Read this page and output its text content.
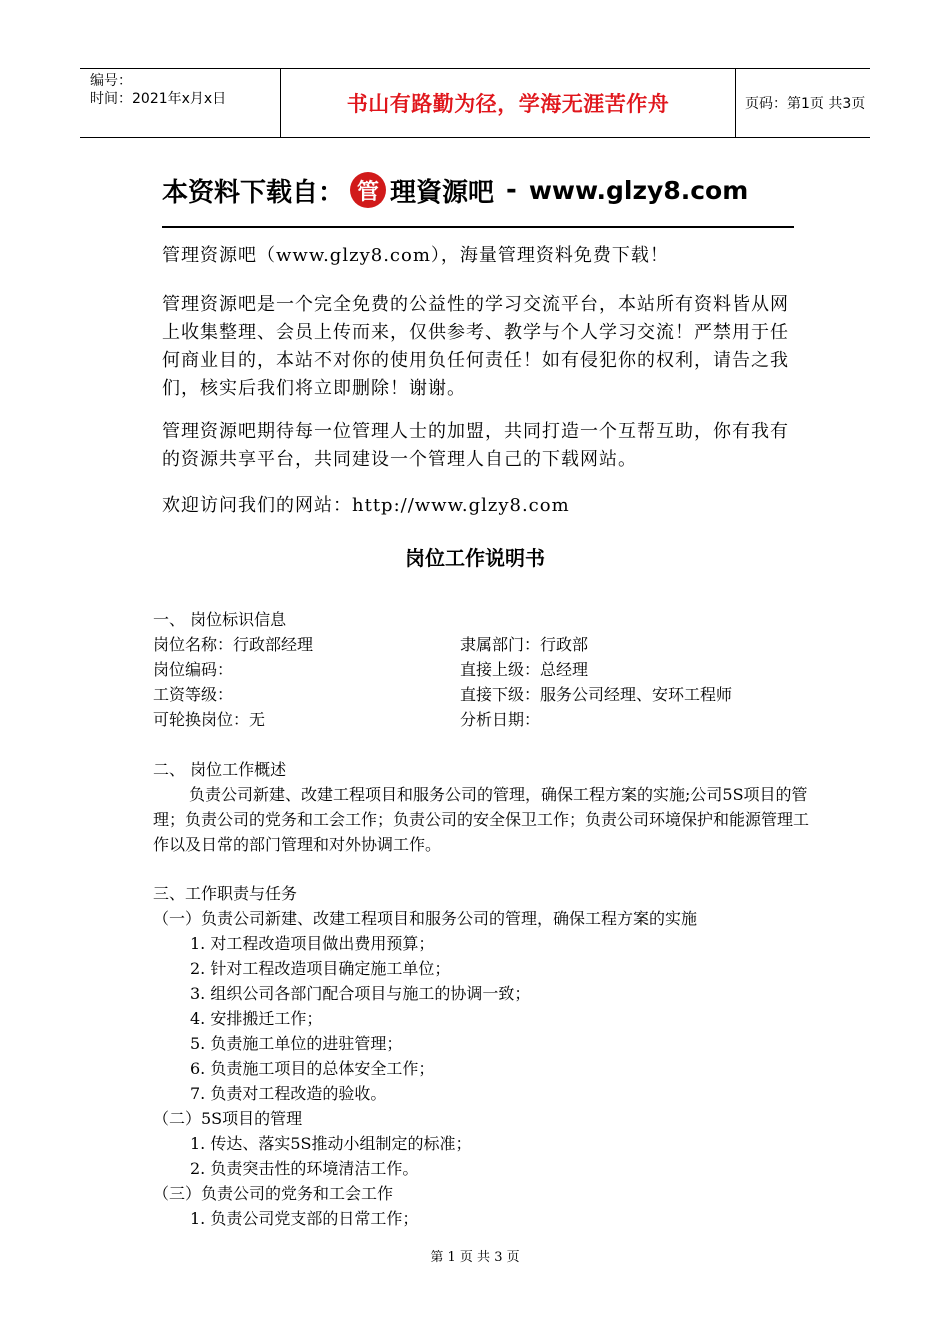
编号：
时间：2021年x月x日	书山有路勤为径，学海无涯苦作舟	页码：第1页 共3页
本资料下载自： 管 理資源吧 - www.glzy8.com
管理资源吧（www.glzy8.com），海量管理资料免费下载！
管理资源吧是一个完全免费的公益性的学习交流平台，本站所有资料皆从网上收集整理、会员上传而来，仅供参考、教学与个人学习交流！严禁用于任何商业目的，本站不对你的使用负任何责任！如有侵犯你的权利，请告之我们，核实后我们将立即删除！谢谢。
管理资源吧期待每一位管理人士的加盟，共同打造一个互帮互助，你有我有的资源共享平台，共同建设一个管理人自己的下载网站。
欢迎访问我们的网站：http://www.glzy8.com
岗位工作说明书
一、 岗位标识信息
岗位名称：行政部经理	隶属部门：行政部
岗位编码：	直接上级：总经理
工资等级：	直接下级：服务公司经理、安环工程师
可轮换岗位：无	分析日期：
二、 岗位工作概述
负责公司新建、改建工程项目和服务公司的管理，确保工程方案的实施;公司5S项目的管理；负责公司的党务和工会工作；负责公司的安全保卫工作；负责公司环境保护和能源管理工作以及日常的部门管理和对外协调工作。
三、工作职责与任务
（一）负责公司新建、改建工程项目和服务公司的管理，确保工程方案的实施
1. 对工程改造项目做出费用预算；
2. 针对工程改造项目确定施工单位；
3. 组织公司各部门配合项目与施工的协调一致；
4. 安排搬迁工作；
5. 负责施工单位的进驻管理；
6. 负责施工项目的总体安全工作；
7. 负责对工程改造的验收。
（二）5S项目的管理
1. 传达、落实5S推动小组制定的标准；
2. 负责突击性的环境清洁工作。
（三）负责公司的党务和工会工作
1. 负责公司党支部的日常工作；
第 1 页 共 3 页
